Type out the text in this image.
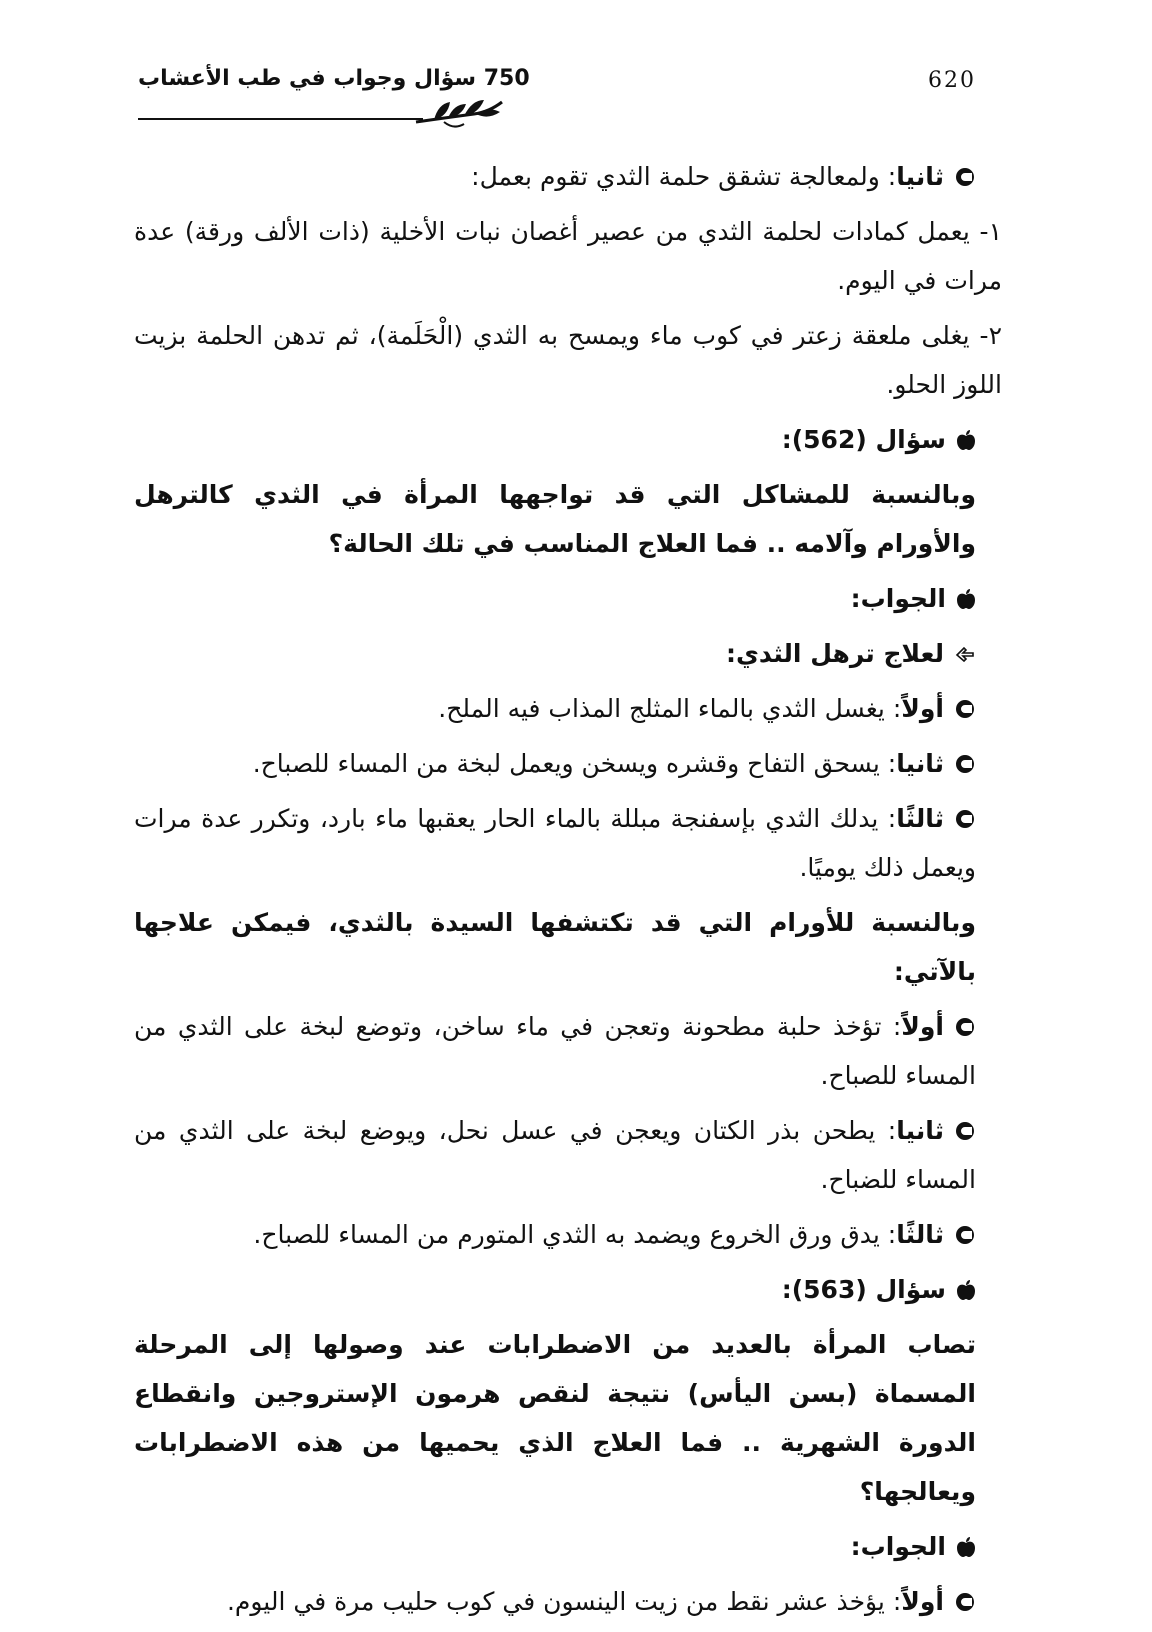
750 سؤال وجواب في طب الأعشاب	620

ثانيا: ولمعالجة تشقق حلمة الثدي تقوم بعمل:

١- يعمل كمادات لحلمة الثدي من عصير أغصان نبات الأخلية (ذات الألف ورقة) عدة مرات في اليوم.

٢- يغلى ملعقة زعتر في كوب ماء ويمسح به الثدي (الْحَلَمة)، ثم تدهن الحلمة بزيت اللوز الحلو.

سؤال (562):

وبالنسبة للمشاكل التي قد تواجهها المرأة في الثدي كالترهل والأورام وآلامه .. فما العلاج المناسب في تلك الحالة؟

الجواب:

لعلاج ترهل الثدي:

أولاً: يغسل الثدي بالماء المثلج المذاب فيه الملح.

ثانيا: يسحق التفاح وقشره ويسخن ويعمل لبخة من المساء للصباح.

ثالثًا: يدلك الثدي بإسفنجة مبللة بالماء الحار يعقبها ماء بارد، وتكرر عدة مرات ويعمل ذلك يوميًا.

وبالنسبة للأورام التي قد تكتشفها السيدة بالثدي، فيمكن علاجها بالآتي:

أولاً: تؤخذ حلبة مطحونة وتعجن في ماء ساخن، وتوضع لبخة على الثدي من المساء للصباح.

ثانيا: يطحن بذر الكتان ويعجن في عسل نحل، ويوضع لبخة على الثدي من المساء للضباح.

ثالثًا: يدق ورق الخروع ويضمد به الثدي المتورم من المساء للصباح.

سؤال (563):

تصاب المرأة بالعديد من الاضطرابات عند وصولها إلى المرحلة المسماة (بسن اليأس) نتيجة لنقص هرمون الإستروجين وانقطاع الدورة الشهرية .. فما العلاج الذي يحميها من هذه الاضطرابات ويعالجها؟

الجواب:

أولاً: يؤخذ عشر نقط من زيت الينسون في كوب حليب مرة في اليوم.
